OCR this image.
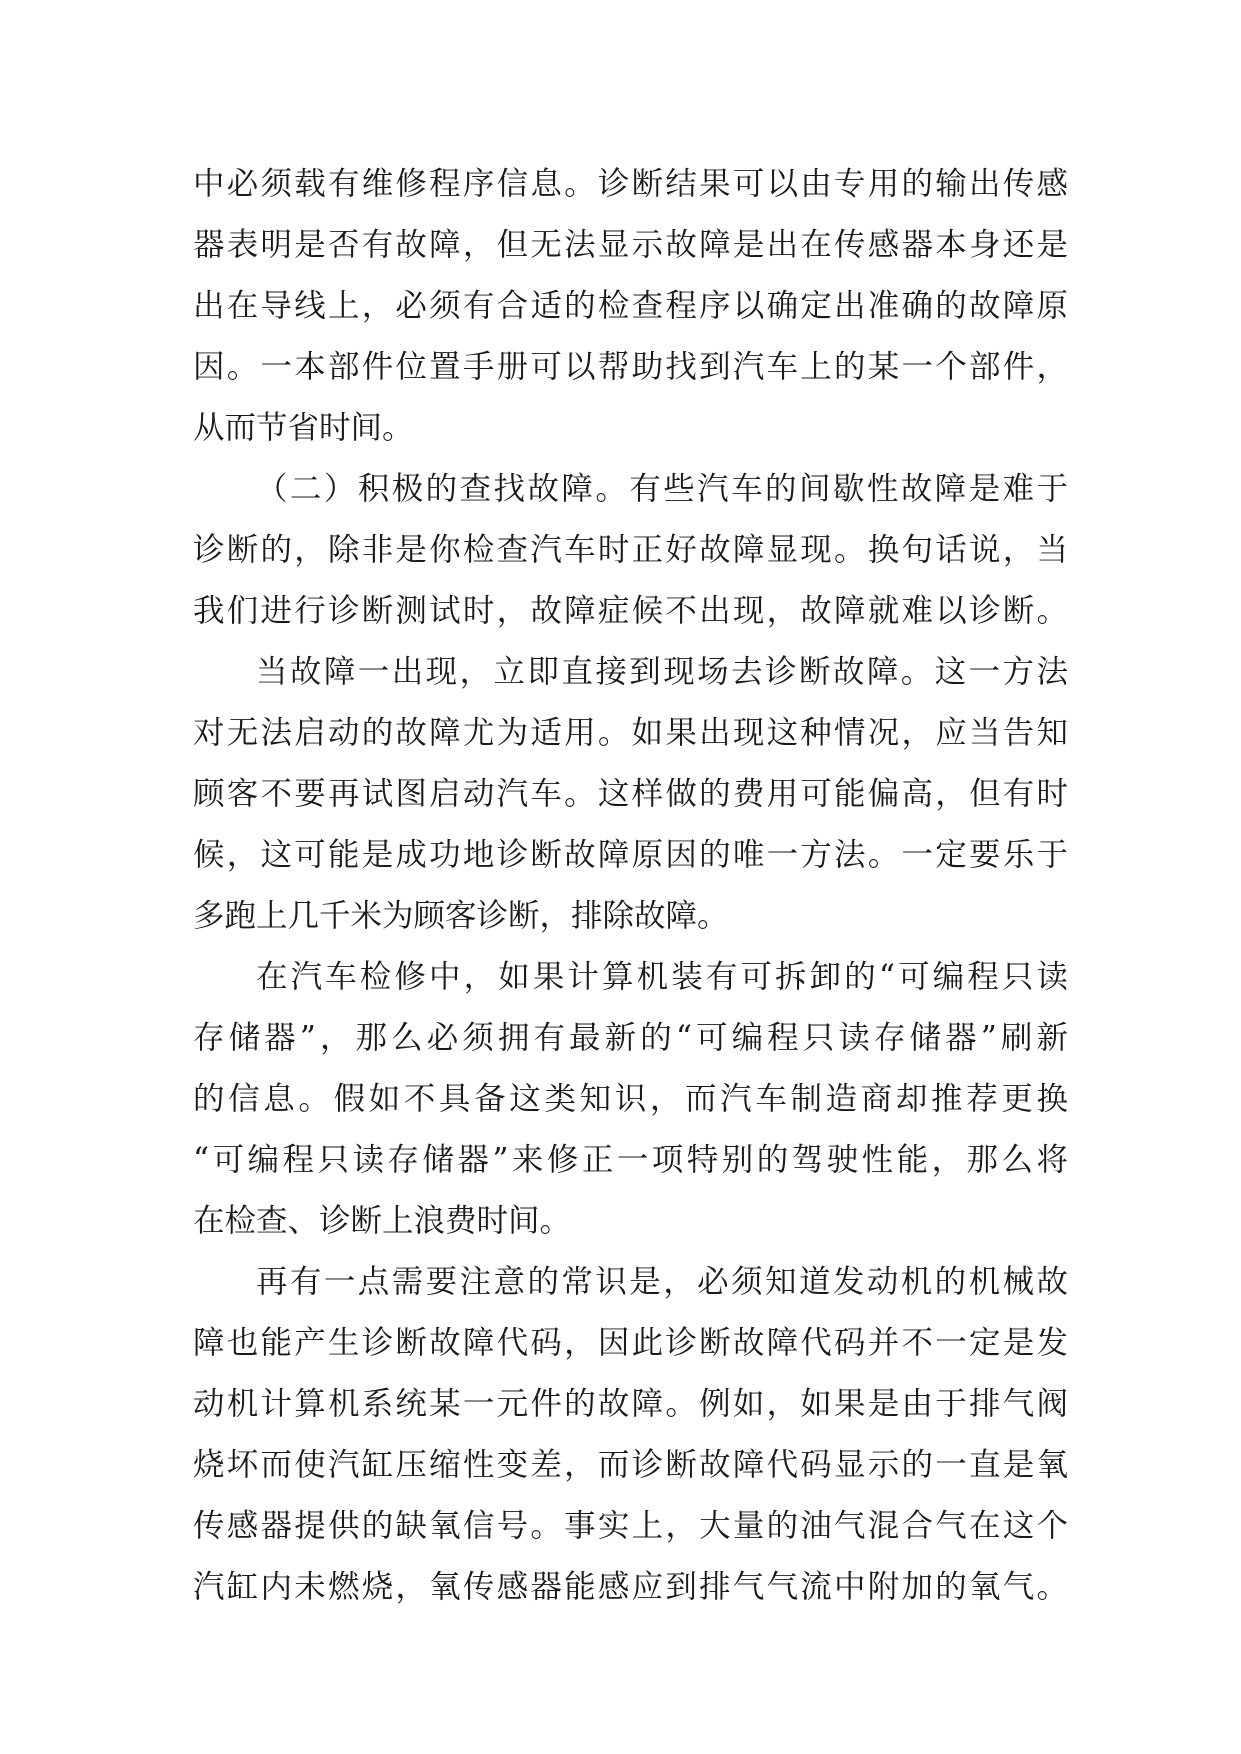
中必须载有维修程序信息。诊断结果可以由专用的输出传感
器表明是否有故障，但无法显示故障是出在传感器本身还是
出在导线上，必须有合适的检查程序以确定出准确的故障原
因。一本部件位置手册可以帮助找到汽车上的某一个部件，
从而节省时间。
（二）积极的查找故障。有些汽车的间歇性故障是难于
诊断的，除非是你检查汽车时正好故障显现。换句话说，当
我们进行诊断测试时，故障症候不出现，故障就难以诊断。
当故障一出现，立即直接到现场去诊断故障。这一方法
对无法启动的故障尤为适用。如果出现这种情况，应当告知
顾客不要再试图启动汽车。这样做的费用可能偏高，但有时
候，这可能是成功地诊断故障原因的唯一方法。一定要乐于
多跑上几千米为顾客诊断，排除故障。
在汽车检修中，如果计算机装有可拆卸的“可编程只读
存储器”，那么必须拥有最新的“可编程只读存储器”刷新
的信息。假如不具备这类知识，而汽车制造商却推荐更换
“可编程只读存储器”来修正一项特别的驾驶性能，那么将
在检查、诊断上浪费时间。
再有一点需要注意的常识是，必须知道发动机的机械故
障也能产生诊断故障代码，因此诊断故障代码并不一定是发
动机计算机系统某一元件的故障。例如，如果是由于排气阀
烧坏而使汽缸压缩性变差，而诊断故障代码显示的一直是氧
传感器提供的缺氧信号。事实上，大量的油气混合气在这个
汽缸内未燃烧，氧传感器能感应到排气气流中附加的氧气。
